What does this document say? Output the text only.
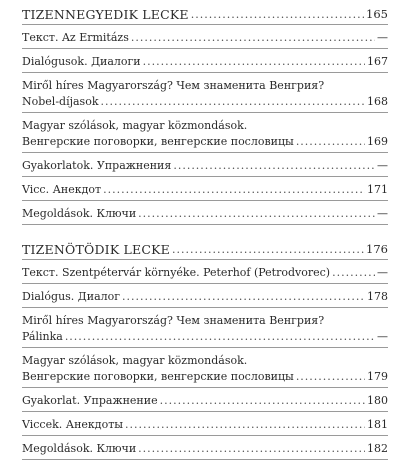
TIZENNEGYEDIK LECKE .....	165
Текст. Az Ermitázs .....	—
Dialógusok. Диалоги .....	167
Miről híres Magyarország? Чем знаменита Венгрия?
Nobel-díjasok .....	168
Magyar szólások, magyar közmondások.
Венгерские поговорки, венгерские пословицы .....	169
Gyakorlatok. Упражнения .....	—
Vicc. Анекдот .....	171
Megoldások. Ключи .....	—
TIZENÖTÖDIK LECKE .....	176
Текст. Szentpétervár környéke. Peterhof (Petrodvorec) .....	—
Dialógus. Диалог .....	178
Miről híres Magyarország? Чем знаменита Венгрия?
Pálinka .....	—
Magyar szólások, magyar közmondások.
Венгерские поговорки, венгерские пословицы .....	179
Gyakorlat. Упражнение .....	180
Viccek. Анекдоты .....	181
Megoldások. Ключи .....	182
